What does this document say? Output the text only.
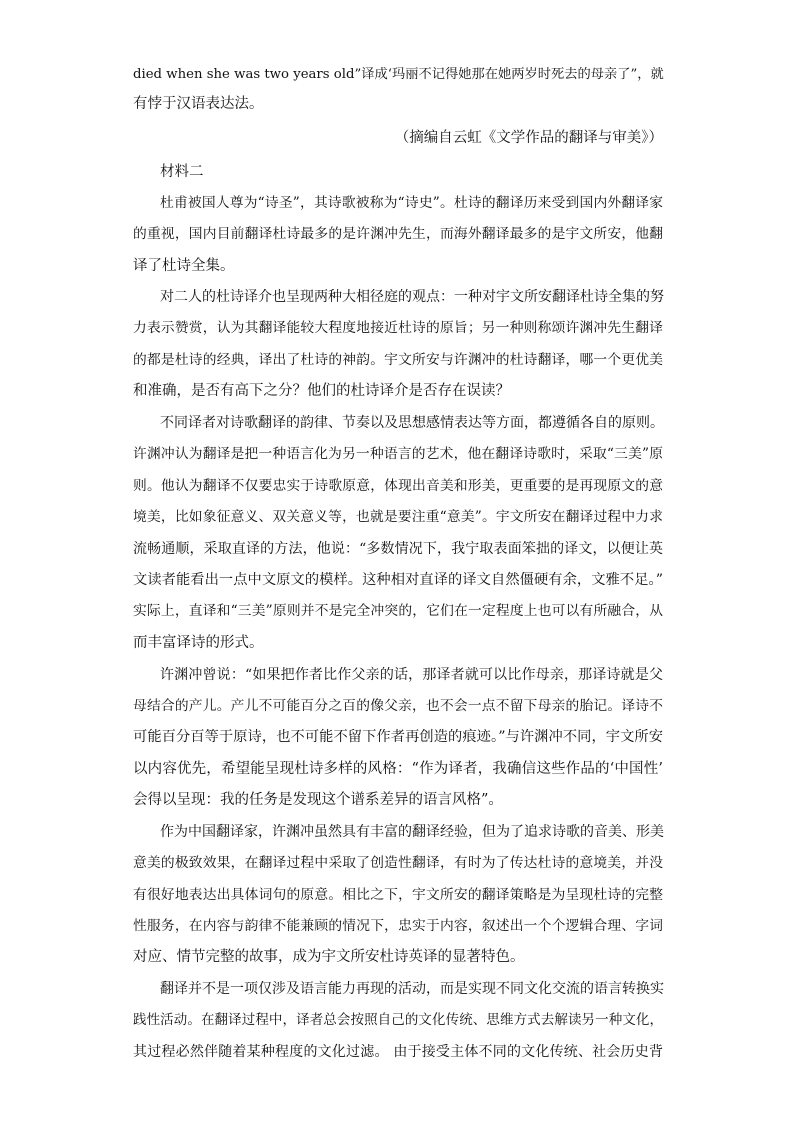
died when she was two years old”译成‘玛丽不记得她那在她两岁时死去的母亲了”，就
有悖于汉语表达法。
（摘编自云虹《文学作品的翻译与审美》）
材料二
杜甫被国人尊为“诗圣”，其诗歌被称为“诗史”。杜诗的翻译历来受到国内外翻译家
的重视，国内目前翻译杜诗最多的是许渊冲先生，而海外翻译最多的是宇文所安，他翻
译了杜诗全集。
对二人的杜诗译介也呈现两种大相径庭的观点：一种对宇文所安翻译杜诗全集的努
力表示赞赏，认为其翻译能较大程度地接近杜诗的原旨；另一种则称颂许渊冲先生翻译
的都是杜诗的经典，译出了杜诗的神韵。宇文所安与许渊冲的杜诗翻译，哪一个更优美
和准确，是否有高下之分？他们的杜诗译介是否存在误读？
不同译者对诗歌翻译的韵律、节奏以及思想感情表达等方面，都遵循各自的原则。
许渊冲认为翻译是把一种语言化为另一种语言的艺术，他在翻译诗歌时，采取“三美”原
则。他认为翻译不仅要忠实于诗歌原意，体现出音美和形美，更重要的是再现原文的意
境美，比如象征意义、双关意义等，也就是要注重“意美”。宇文所安在翻译过程中力求
流畅通顺，采取直译的方法，他说：“多数情况下，我宁取表面笨拙的译文，以便让英
文读者能看出一点中文原文的模样。这种相对直译的译文自然僵硬有余，文雅不足。”
实际上，直译和“三美”原则并不是完全冲突的，它们在一定程度上也可以有所融合，从
而丰富译诗的形式。
许渊冲曾说：“如果把作者比作父亲的话，那译者就可以比作母亲，那译诗就是父
母结合的产儿。产儿不可能百分之百的像父亲，也不会一点不留下母亲的胎记。译诗不
可能百分百等于原诗，也不可能不留下作者再创造的痕迹。”与许渊冲不同，宇文所安
以内容优先，希望能呈现杜诗多样的风格：“作为译者，我确信这些作品的‘中国性’
会得以呈现：我的任务是发现这个谱系差异的语言风格”。
作为中国翻译家，许渊冲虽然具有丰富的翻译经验，但为了追求诗歌的音美、形美
意美的极致效果，在翻译过程中采取了创造性翻译，有时为了传达杜诗的意境美，并没
有很好地表达出具体词句的原意。相比之下，宇文所安的翻译策略是为呈现杜诗的完整
性服务，在内容与韵律不能兼顾的情况下，忠实于内容，叙述出一个个逻辑合理、字词
对应、情节完整的故事，成为宇文所安杜诗英译的显著特色。
翻译并不是一项仅涉及语言能力再现的活动，而是实现不同文化交流的语言转换实
践性活动。在翻译过程中，译者总会按照自己的文化传统、思维方式去解读另一种文化，
其过程必然伴随着某种程度的文化过滤。 由于接受主体不同的文化传统、社会历史背
